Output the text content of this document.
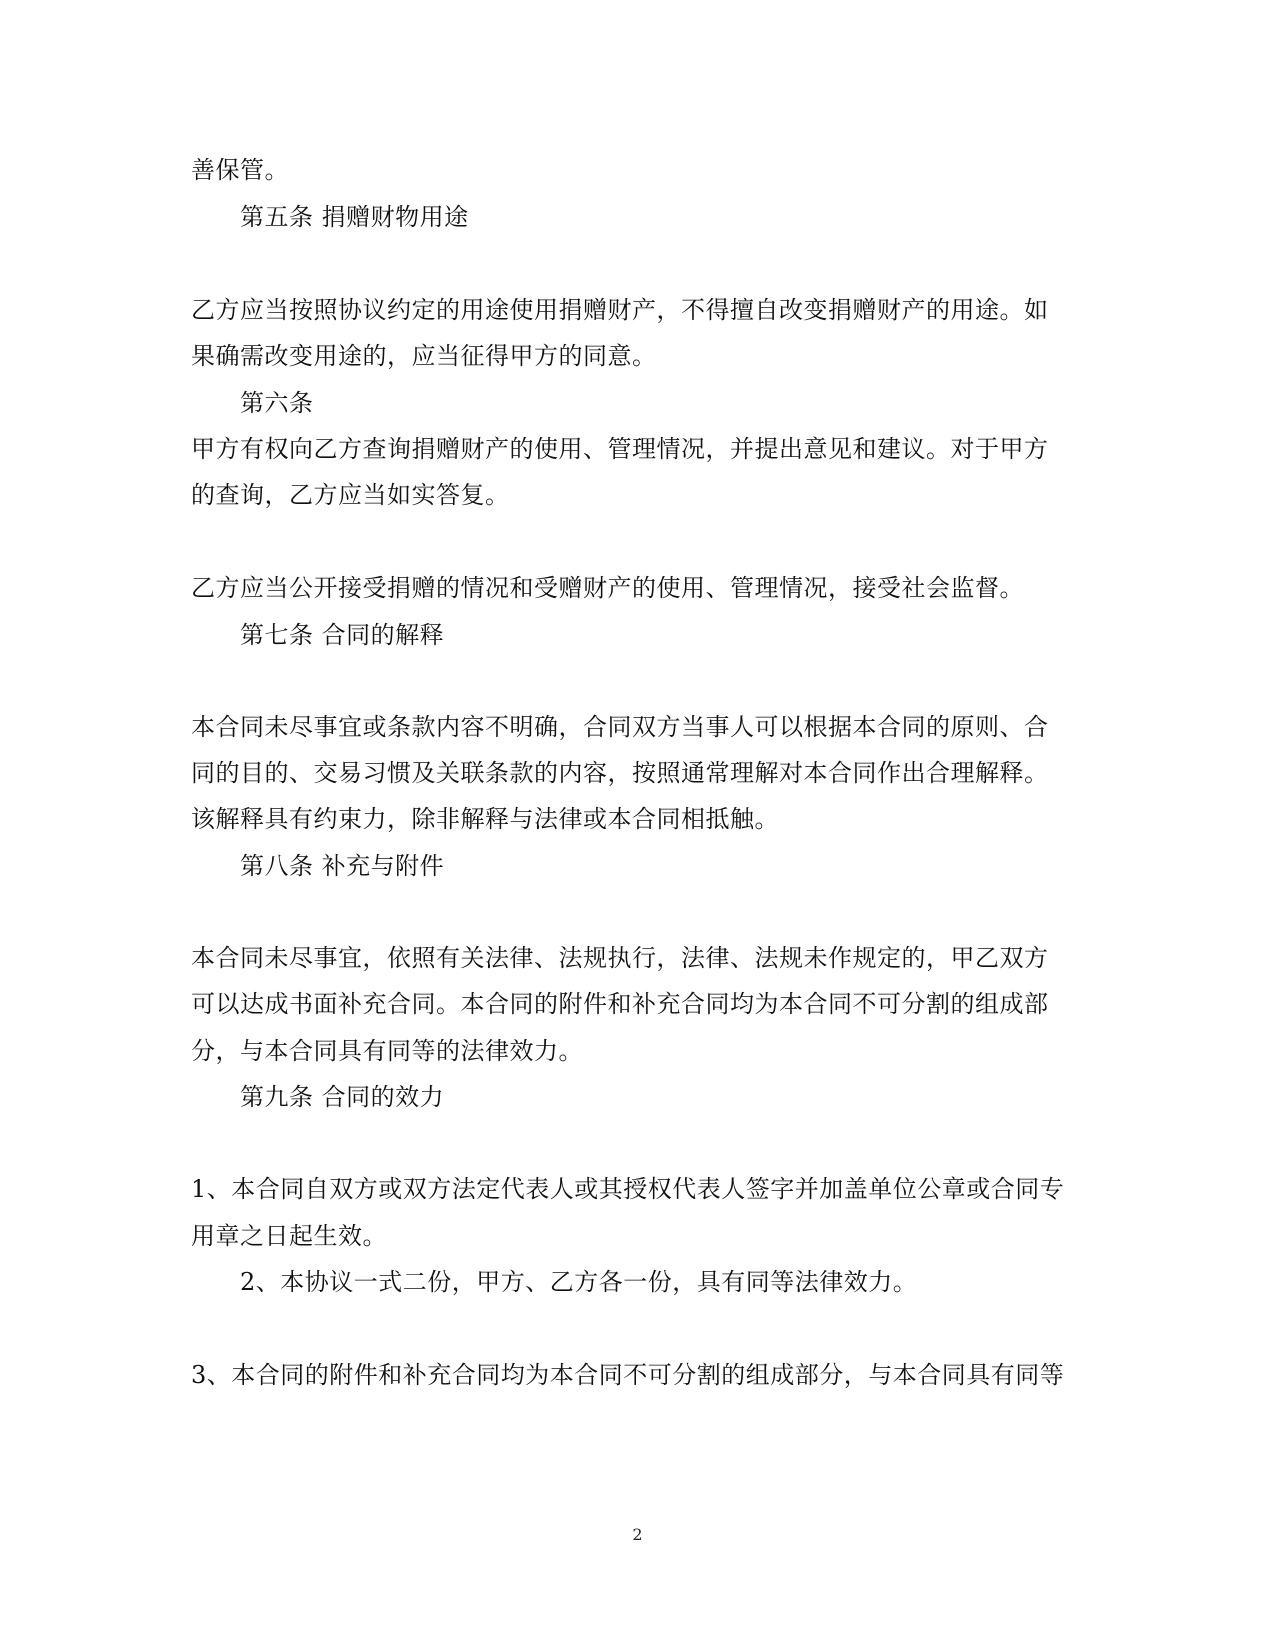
善保管。
第五条 捐赠财物用途
乙方应当按照协议约定的用途使用捐赠财产，不得擅自改变捐赠财产的用途。如
果确需改变用途的，应当征得甲方的同意。
第六条
甲方有权向乙方查询捐赠财产的使用、管理情况，并提出意见和建议。对于甲方
的查询，乙方应当如实答复。
乙方应当公开接受捐赠的情况和受赠财产的使用、管理情况，接受社会监督。
第七条 合同的解释
本合同未尽事宜或条款内容不明确，合同双方当事人可以根据本合同的原则、合
同的目的、交易习惯及关联条款的内容，按照通常理解对本合同作出合理解释。
该解释具有约束力，除非解释与法律或本合同相抵触。
第八条 补充与附件
本合同未尽事宜，依照有关法律、法规执行，法律、法规未作规定的，甲乙双方
可以达成书面补充合同。本合同的附件和补充合同均为本合同不可分割的组成部
分，与本合同具有同等的法律效力。
第九条 合同的效力
1、本合同自双方或双方法定代表人或其授权代表人签字并加盖单位公章或合同专
用章之日起生效。
2、本协议一式二份，甲方、乙方各一份，具有同等法律效力。
3、本合同的附件和补充合同均为本合同不可分割的组成部分，与本合同具有同等
2
